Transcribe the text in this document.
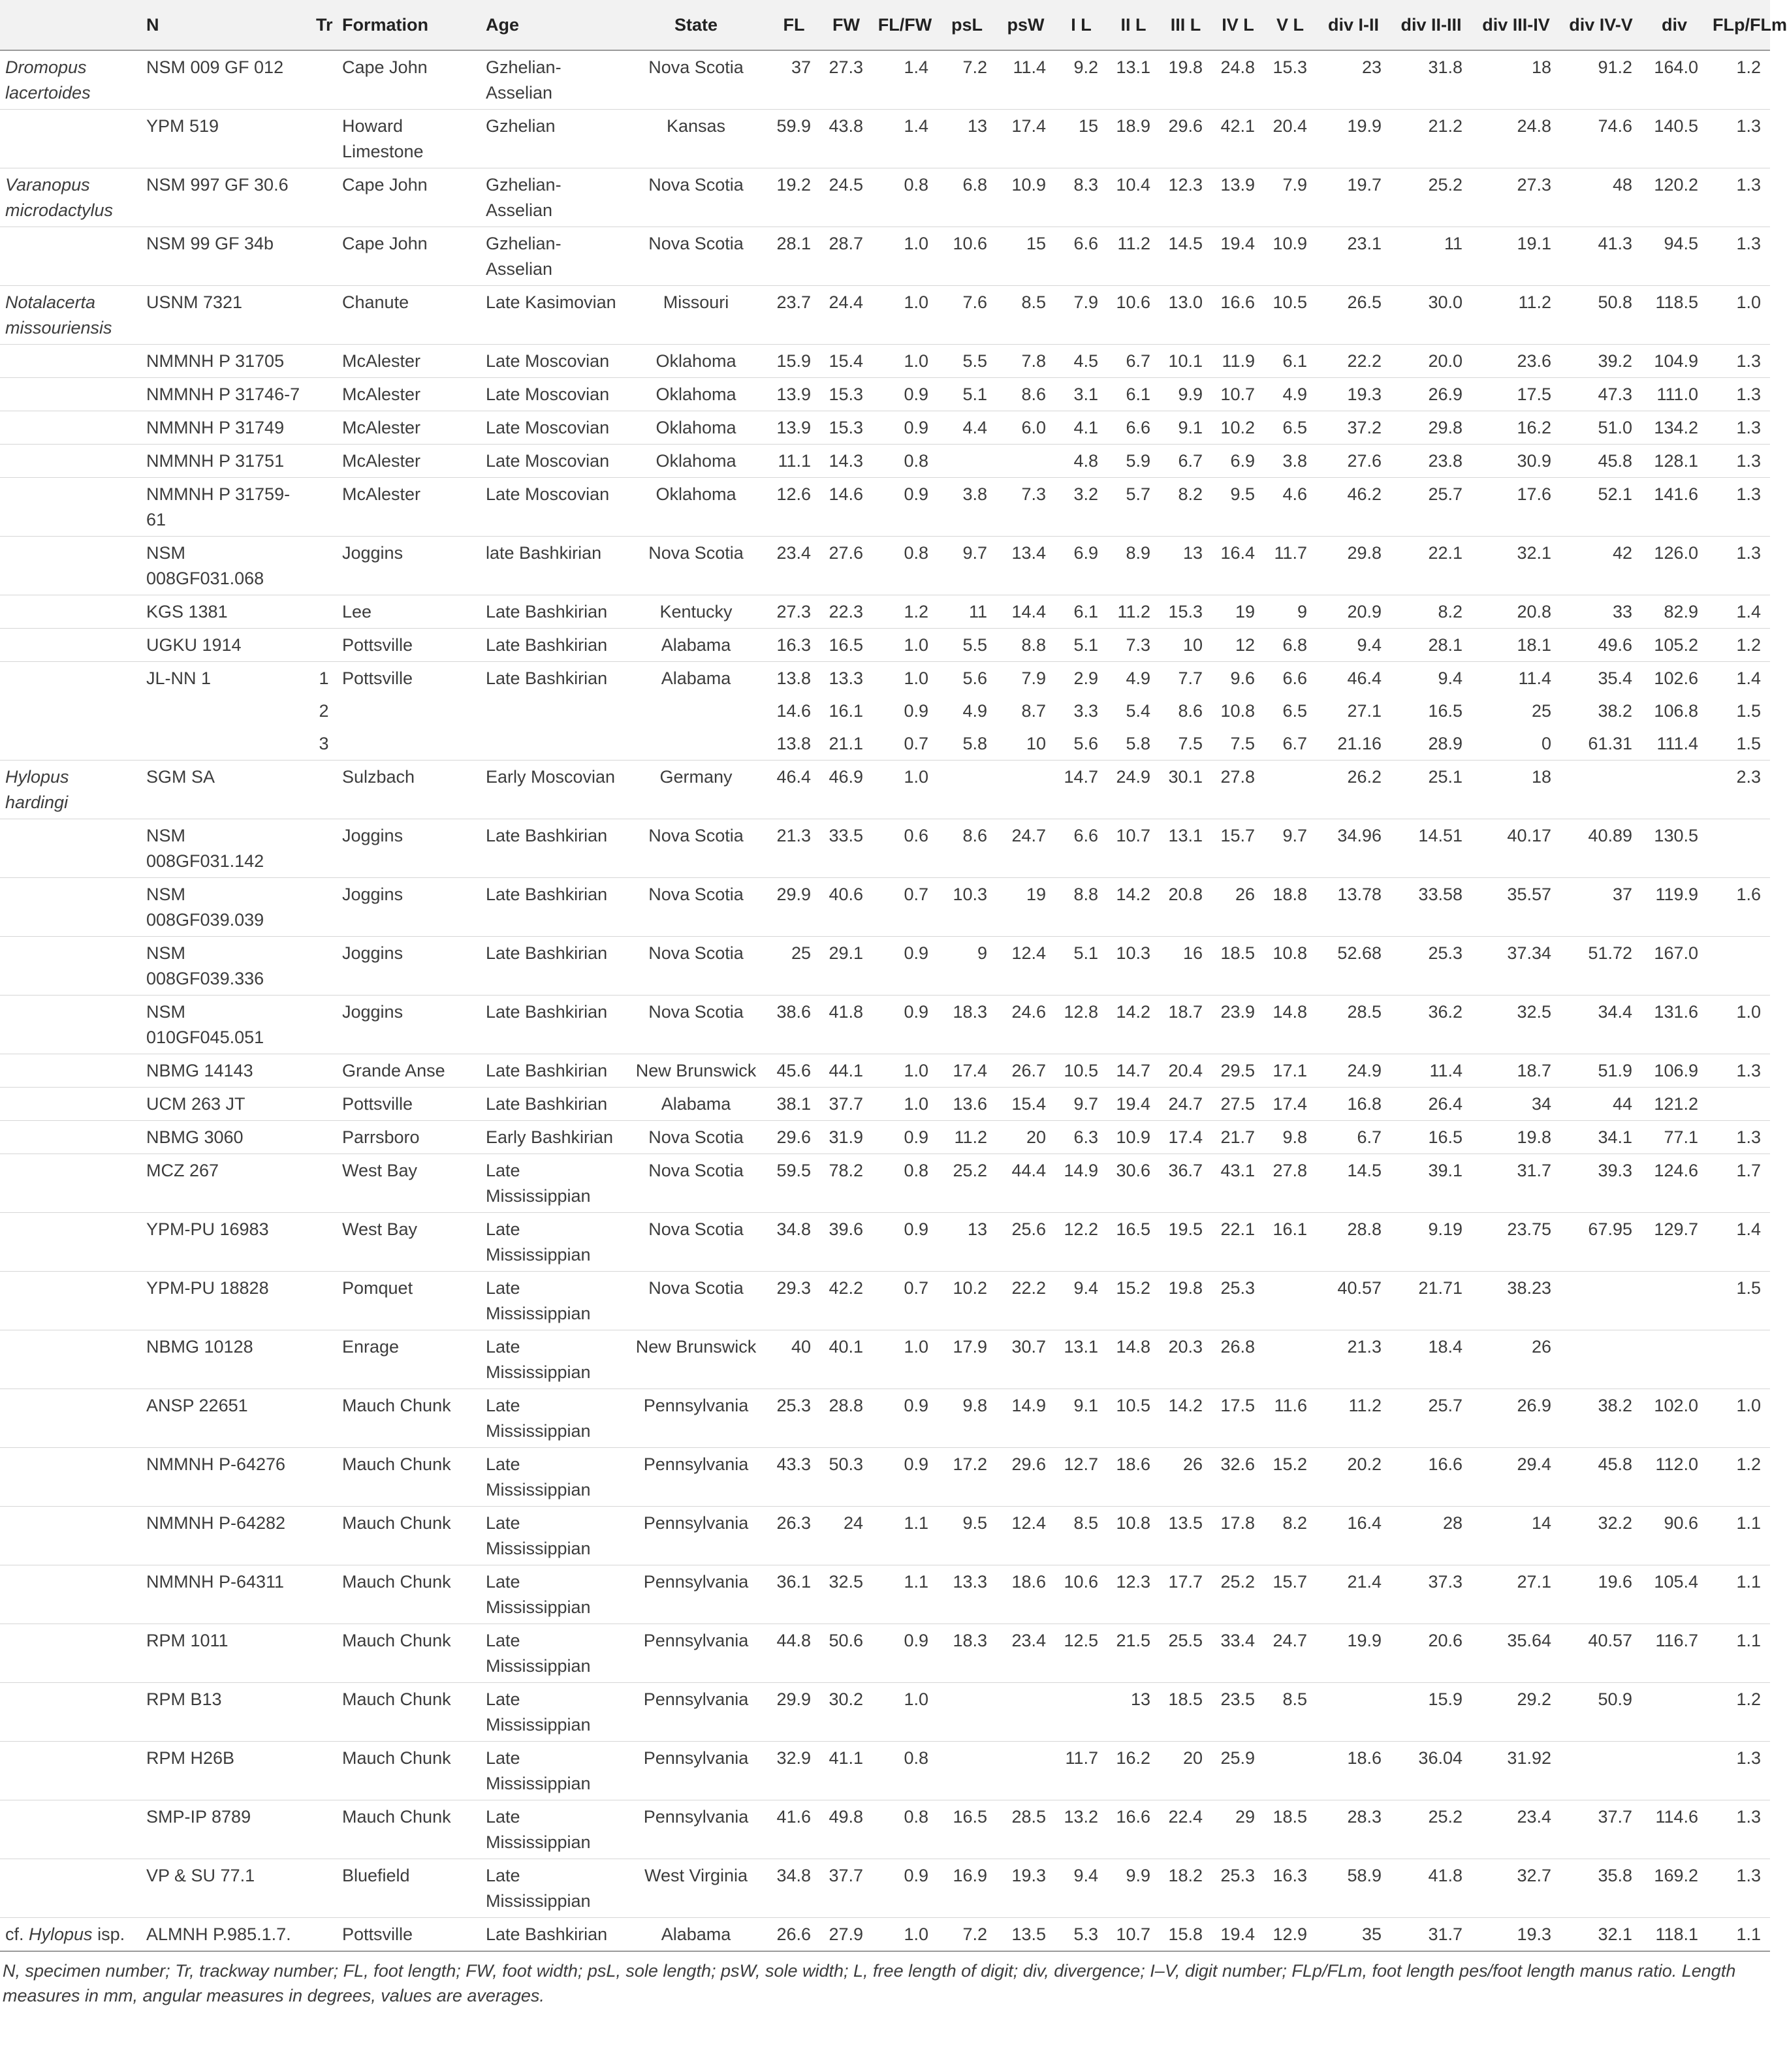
	N	Tr	Formation	Age	State	FL	FW	FL/FW	psL	psW	I L	II L	III L	IV L	V L	div I-II	div II-III	div III-IV	div IV-V	div	FLp/FLm
Dromopus lacertoides	NSM 009 GF 012		Cape John	Gzhelian-Asselian	Nova Scotia	37	27.3	1.4	7.2	11.4	9.2	13.1	19.8	24.8	15.3	23	31.8	18	91.2	164.0	1.2
	YPM 519		Howard Limestone	Gzhelian	Kansas	59.9	43.8	1.4	13	17.4	15	18.9	29.6	42.1	20.4	19.9	21.2	24.8	74.6	140.5	1.3
Varanopus microdactylus	NSM 997 GF 30.6		Cape John	Gzhelian-Asselian	Nova Scotia	19.2	24.5	0.8	6.8	10.9	8.3	10.4	12.3	13.9	7.9	19.7	25.2	27.3	48	120.2	1.3
	NSM 99 GF 34b		Cape John	Gzhelian-Asselian	Nova Scotia	28.1	28.7	1.0	10.6	15	6.6	11.2	14.5	19.4	10.9	23.1	11	19.1	41.3	94.5	1.3
Notalacerta missouriensis	USNM 7321		Chanute	Late Kasimovian	Missouri	23.7	24.4	1.0	7.6	8.5	7.9	10.6	13.0	16.6	10.5	26.5	30.0	11.2	50.8	118.5	1.0
	NMMNH P 31705		McAlester	Late Moscovian	Oklahoma	15.9	15.4	1.0	5.5	7.8	4.5	6.7	10.1	11.9	6.1	22.2	20.0	23.6	39.2	104.9	1.3
	NMMNH P 31746-7		McAlester	Late Moscovian	Oklahoma	13.9	15.3	0.9	5.1	8.6	3.1	6.1	9.9	10.7	4.9	19.3	26.9	17.5	47.3	111.0	1.3
	NMMNH P 31749		McAlester	Late Moscovian	Oklahoma	13.9	15.3	0.9	4.4	6.0	4.1	6.6	9.1	10.2	6.5	37.2	29.8	16.2	51.0	134.2	1.3
	NMMNH P 31751		McAlester	Late Moscovian	Oklahoma	11.1	14.3	0.8			4.8	5.9	6.7	6.9	3.8	27.6	23.8	30.9	45.8	128.1	1.3
	NMMNH P 31759-61		McAlester	Late Moscovian	Oklahoma	12.6	14.6	0.9	3.8	7.3	3.2	5.7	8.2	9.5	4.6	46.2	25.7	17.6	52.1	141.6	1.3
	NSM 008GF031.068		Joggins	late Bashkirian	Nova Scotia	23.4	27.6	0.8	9.7	13.4	6.9	8.9	13	16.4	11.7	29.8	22.1	32.1	42	126.0	1.3
	KGS 1381		Lee	Late Bashkirian	Kentucky	27.3	22.3	1.2	11	14.4	6.1	11.2	15.3	19	9	20.9	8.2	20.8	33	82.9	1.4
	UGKU 1914		Pottsville	Late Bashkirian	Alabama	16.3	16.5	1.0	5.5	8.8	5.1	7.3	10	12	6.8	9.4	28.1	18.1	49.6	105.2	1.2
	JL-NN 1	1	Pottsville	Late Bashkirian	Alabama	13.8	13.3	1.0	5.6	7.9	2.9	4.9	7.7	9.6	6.6	46.4	9.4	11.4	35.4	102.6	1.4
		2				14.6	16.1	0.9	4.9	8.7	3.3	5.4	8.6	10.8	6.5	27.1	16.5	25	38.2	106.8	1.5
		3				13.8	21.1	0.7	5.8	10	5.6	5.8	7.5	7.5	6.7	21.16	28.9	0	61.31	111.4	1.5
Hylopus hardingi	SGM SA		Sulzbach	Early Moscovian	Germany	46.4	46.9	1.0			14.7	24.9	30.1	27.8		26.2	25.1	18			2.3
	NSM 008GF031.142		Joggins	Late Bashkirian	Nova Scotia	21.3	33.5	0.6	8.6	24.7	6.6	10.7	13.1	15.7	9.7	34.96	14.51	40.17	40.89	130.5	
	NSM 008GF039.039		Joggins	Late Bashkirian	Nova Scotia	29.9	40.6	0.7	10.3	19	8.8	14.2	20.8	26	18.8	13.78	33.58	35.57	37	119.9	1.6
	NSM 008GF039.336		Joggins	Late Bashkirian	Nova Scotia	25	29.1	0.9	9	12.4	5.1	10.3	16	18.5	10.8	52.68	25.3	37.34	51.72	167.0	
	NSM 010GF045.051		Joggins	Late Bashkirian	Nova Scotia	38.6	41.8	0.9	18.3	24.6	12.8	14.2	18.7	23.9	14.8	28.5	36.2	32.5	34.4	131.6	1.0
	NBMG 14143		Grande Anse	Late Bashkirian	New Brunswick	45.6	44.1	1.0	17.4	26.7	10.5	14.7	20.4	29.5	17.1	24.9	11.4	18.7	51.9	106.9	1.3
	UCM 263 JT		Pottsville	Late Bashkirian	Alabama	38.1	37.7	1.0	13.6	15.4	9.7	19.4	24.7	27.5	17.4	16.8	26.4	34	44	121.2	
	NBMG 3060		Parrsboro	Early Bashkirian	Nova Scotia	29.6	31.9	0.9	11.2	20	6.3	10.9	17.4	21.7	9.8	6.7	16.5	19.8	34.1	77.1	1.3
	MCZ 267		West Bay	Late Mississippian	Nova Scotia	59.5	78.2	0.8	25.2	44.4	14.9	30.6	36.7	43.1	27.8	14.5	39.1	31.7	39.3	124.6	1.7
	YPM-PU 16983		West Bay	Late Mississippian	Nova Scotia	34.8	39.6	0.9	13	25.6	12.2	16.5	19.5	22.1	16.1	28.8	9.19	23.75	67.95	129.7	1.4
	YPM-PU 18828		Pomquet	Late Mississippian	Nova Scotia	29.3	42.2	0.7	10.2	22.2	9.4	15.2	19.8	25.3		40.57	21.71	38.23			1.5
	NBMG 10128		Enrage	Late Mississippian	New Brunswick	40	40.1	1.0	17.9	30.7	13.1	14.8	20.3	26.8		21.3	18.4	26			
	ANSP 22651		Mauch Chunk	Late Mississippian	Pennsylvania	25.3	28.8	0.9	9.8	14.9	9.1	10.5	14.2	17.5	11.6	11.2	25.7	26.9	38.2	102.0	1.0
	NMMNH P-64276		Mauch Chunk	Late Mississippian	Pennsylvania	43.3	50.3	0.9	17.2	29.6	12.7	18.6	26	32.6	15.2	20.2	16.6	29.4	45.8	112.0	1.2
	NMMNH P-64282		Mauch Chunk	Late Mississippian	Pennsylvania	26.3	24	1.1	9.5	12.4	8.5	10.8	13.5	17.8	8.2	16.4	28	14	32.2	90.6	1.1
	NMMNH P-64311		Mauch Chunk	Late Mississippian	Pennsylvania	36.1	32.5	1.1	13.3	18.6	10.6	12.3	17.7	25.2	15.7	21.4	37.3	27.1	19.6	105.4	1.1
	RPM 1011		Mauch Chunk	Late Mississippian	Pennsylvania	44.8	50.6	0.9	18.3	23.4	12.5	21.5	25.5	33.4	24.7	19.9	20.6	35.64	40.57	116.7	1.1
	RPM B13		Mauch Chunk	Late Mississippian	Pennsylvania	29.9	30.2	1.0				13	18.5	23.5	8.5		15.9	29.2	50.9		1.2
	RPM H26B		Mauch Chunk	Late Mississippian	Pennsylvania	32.9	41.1	0.8			11.7	16.2	20	25.9		18.6	36.04	31.92			1.3
	SMP-IP 8789		Mauch Chunk	Late Mississippian	Pennsylvania	41.6	49.8	0.8	16.5	28.5	13.2	16.6	22.4	29	18.5	28.3	25.2	23.4	37.7	114.6	1.3
	VP & SU 77.1		Bluefield	Late Mississippian	West Virginia	34.8	37.7	0.9	16.9	19.3	9.4	9.9	18.2	25.3	16.3	58.9	41.8	32.7	35.8	169.2	1.3
cf. Hylopus isp.	ALMNH P.985.1.7.		Pottsville	Late Bashkirian	Alabama	26.6	27.9	1.0	7.2	13.5	5.3	10.7	15.8	19.4	12.9	35	31.7	19.3	32.1	118.1	1.1
N, specimen number; Tr, trackway number; FL, foot length; FW, foot width; psL, sole length; psW, sole width; L, free length of digit; div, divergence; I–V, digit number; FLp/FLm, foot length pes/foot length manus ratio. Length measures in mm, angular measures in degrees, values are averages.
